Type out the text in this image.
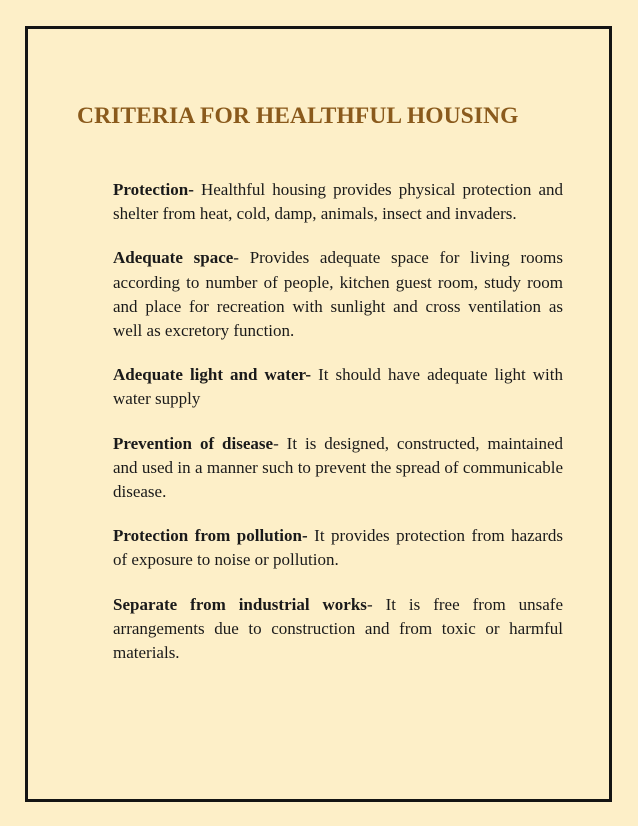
CRITERIA FOR HEALTHFUL HOUSING

Protection- Healthful housing provides physical protection and shelter from heat, cold, damp, animals, insect and invaders.

Adequate space- Provides adequate space for living rooms according to number of people, kitchen guest room, study room and place for recreation with sunlight and cross ventilation as well as excretory function.

Adequate light and water- It should have adequate light with water supply

Prevention of disease- It is designed, constructed, maintained and used in a manner such to prevent the spread of communicable disease.

Protection from pollution- It provides protection from hazards of exposure to noise or pollution.

Separate from industrial works- It is free from unsafe arrangements due to construction and from toxic or harmful materials.
